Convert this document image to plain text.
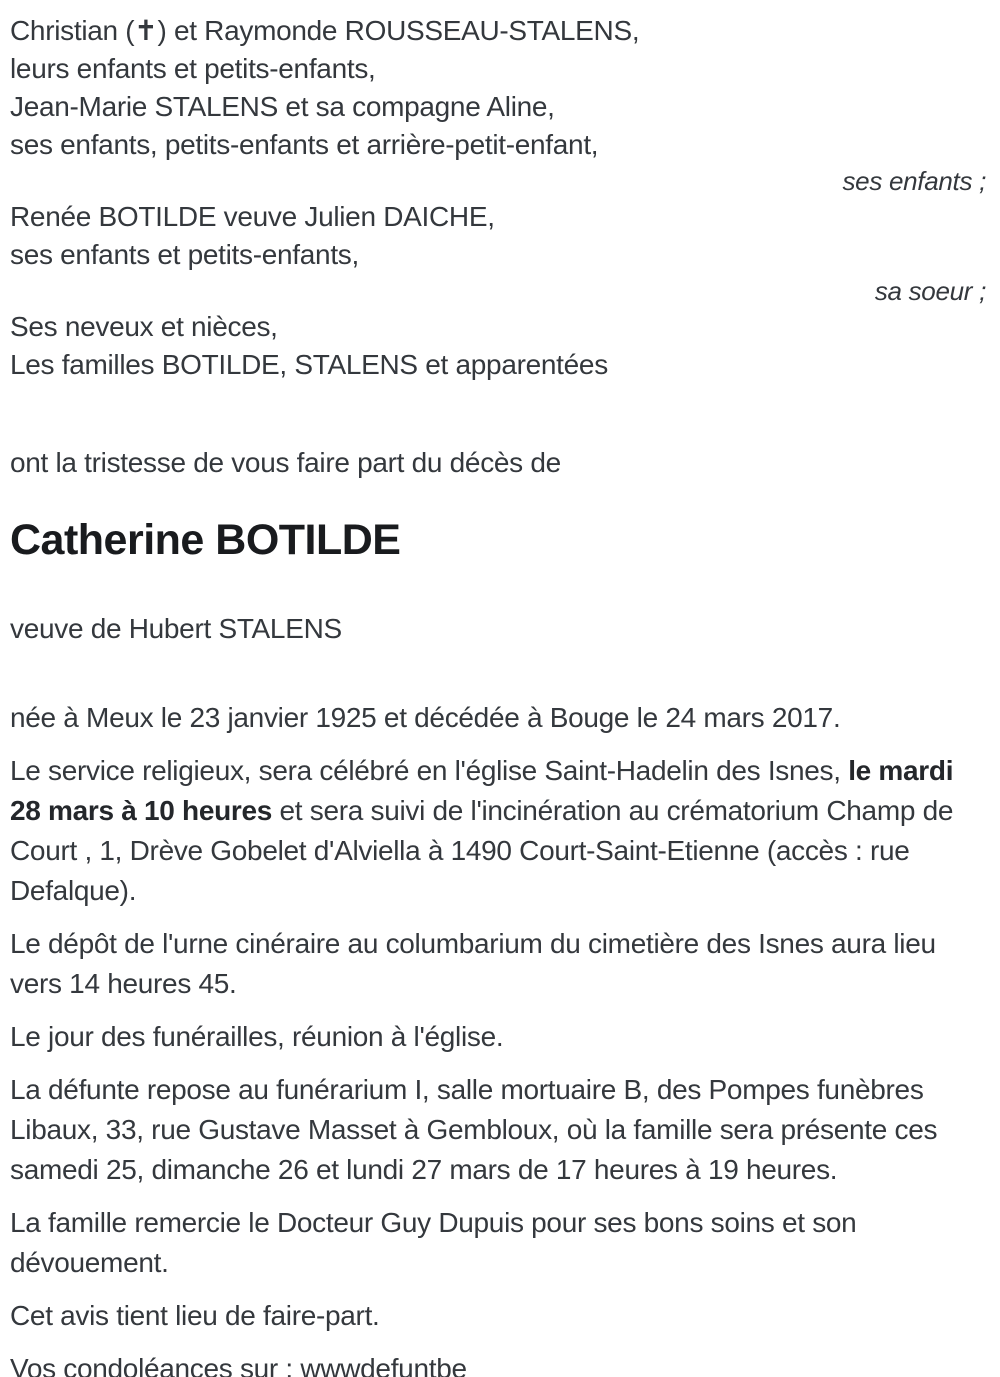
Christian (✝) et Raymonde ROUSSEAU-STALENS,
leurs enfants et petits-enfants,
Jean-Marie STALENS et sa compagne Aline,
ses enfants, petits-enfants et arrière-petit-enfant,
ses enfants ;
Renée BOTILDE veuve Julien DAICHE,
ses enfants et petits-enfants,
sa soeur ;
Ses neveux et nièces,
Les familles BOTILDE, STALENS et apparentées

ont la tristesse de vous faire part du décès de

Catherine BOTILDE

veuve de Hubert STALENS

née à Meux le 23 janvier 1925 et décédée à Bouge le 24 mars 2017.

Le service religieux, sera célébré en l'église Saint-Hadelin des Isnes, le mardi 28 mars à 10 heures et sera suivi de l'incinération au crématorium Champ de Court , 1, Drève Gobelet d'Alviella à 1490 Court-Saint-Etienne (accès : rue Defalque).

Le dépôt de l'urne cinéraire au columbarium du cimetière des Isnes aura lieu vers 14 heures 45.

Le jour des funérailles, réunion à l'église.

La défunte repose au funérarium I, salle mortuaire B, des Pompes funèbres Libaux, 33, rue Gustave Masset à Gembloux, où la famille sera présente ces samedi 25, dimanche 26 et lundi 27 mars de 17 heures à 19 heures.

La famille remercie le Docteur Guy Dupuis pour ses bons soins et son dévouement.

Cet avis tient lieu de faire-part.

Vos condoléances sur : wwwdefuntbe
